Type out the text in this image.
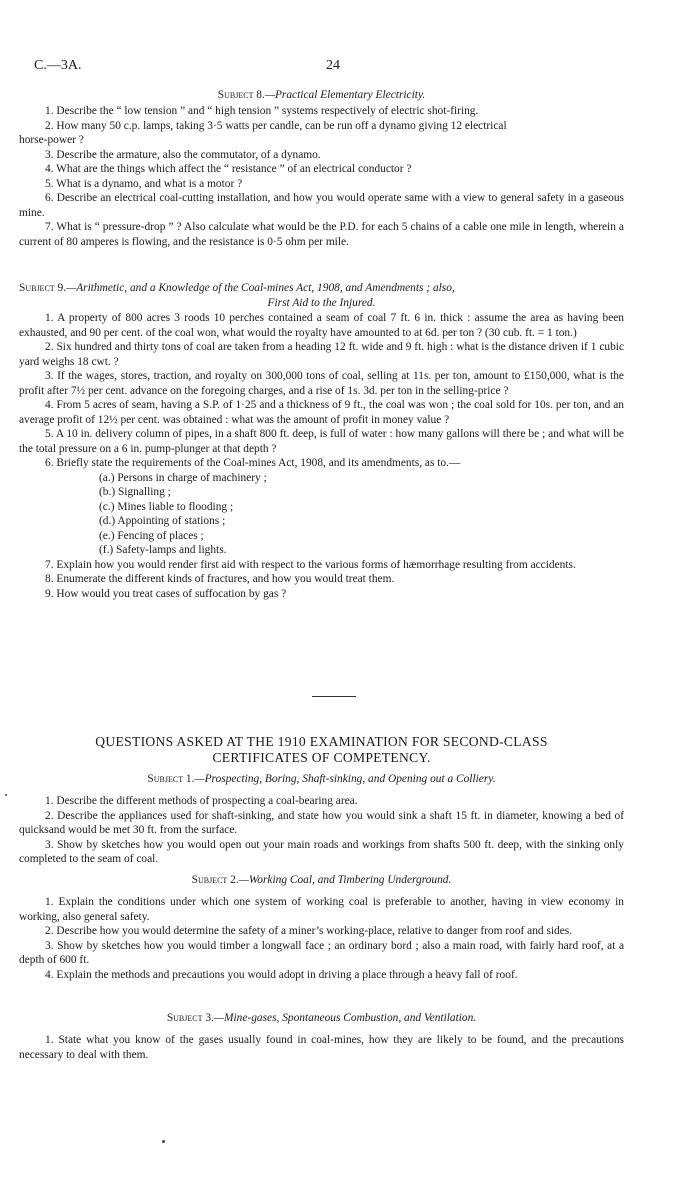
C.—3A.	24
Subject 8.—Practical Elementary Electricity.

1. Describe the “ low tension ” and “ high tension ” systems respectively of electric shot-firing.

2. How many 50 c.p. lamps, taking 3·5 watts per candle, can be run off a dynamo giving 12 electrical

horse-power ?

3. Describe the armature, also the commutator, of a dynamo.

4. What are the things which affect the “ resistance ” of an electrical conductor ?

5. What is a dynamo, and what is a motor ?

6. Describe an electrical coal-cutting installation, and how you would operate same with a view to general safety in a gaseous mine.

7. What is “ pressure-drop ” ? Also calculate what would be the P.D. for each 5 chains of a cable one mile in length, wherein a current of 80 amperes is flowing, and the resistance is 0·5 ohm per mile.

Subject 9.—Arithmetic, and a Knowledge of the Coal-mines Act, 1908, and Amendments ; also,
First Aid to the Injured.

1. A property of 800 acres 3 roods 10 perches contained a seam of coal 7 ft. 6 in. thick : assume the area as having been exhausted, and 90 per cent. of the coal won, what would the royalty have amounted to at 6d. per ton ? (30 cub. ft. = 1 ton.)

2. Six hundred and thirty tons of coal are taken from a heading 12 ft. wide and 9 ft. high : what is the distance driven if 1 cubic yard weighs 18 cwt. ?

3. If the wages, stores, traction, and royalty on 300,000 tons of coal, selling at 11s. per ton, amount to £150,000, what is the profit after 7½ per cent. advance on the foregoing charges, and a rise of 1s. 3d. per ton in the selling-price ?

4. From 5 acres of seam, having a S.P. of 1·25 and a thickness of 9 ft., the coal was won ; the coal sold for 10s. per ton, and an average profit of 12½ per cent. was obtained : what was the amount of profit in money value ?

5. A 10 in. delivery column of pipes, in a shaft 800 ft. deep, is full of water : how many gallons will there be ; and what will be the total pressure on a 6 in. pump-plunger at that depth ?

6. Briefly state the requirements of the Coal-mines Act, 1908, and its amendments, as to.—

(a.) Persons in charge of machinery ;

(b.) Signalling ;

(c.) Mines liable to flooding ;

(d.) Appointing of stations ;

(e.) Fencing of places ;

(f.) Safety-lamps and lights.

7. Explain how you would render first aid with respect to the various forms of hæmorrhage resulting from accidents.

8. Enumerate the different kinds of fractures, and how you would treat them.

9. How would you treat cases of suffocation by gas ?

QUESTIONS ASKED AT THE 1910 EXAMINATION FOR SECOND-CLASS
CERTIFICATES OF COMPETENCY.
Subject 1.—Prospecting, Boring, Shaft-sinking, and Opening out a Colliery.

1. Describe the different methods of prospecting a coal-bearing area.

2. Describe the appliances used for shaft-sinking, and state how you would sink a shaft 15 ft. in diameter, knowing a bed of quicksand would be met 30 ft. from the surface.

3. Show by sketches how you would open out your main roads and workings from shafts 500 ft. deep, with the sinking only completed to the seam of coal.

Subject 2.—Working Coal, and Timbering Underground.

1. Explain the conditions under which one system of working coal is preferable to another, having in view economy in working, also general safety.

2. Describe how you would determine the safety of a miner’s working-place, relative to danger from roof and sides.

3. Show by sketches how you would timber a longwall face ; an ordinary bord ; also a main road, with fairly hard roof, at a depth of 600 ft.

4. Explain the methods and precautions you would adopt in driving a place through a heavy fall of roof.

Subject 3.—Mine-gases, Spontaneous Combustion, and Ventilation.

1. State what you know of the gases usually found in coal-mines, how they are likely to be found, and the precautions necessary to deal with them.
